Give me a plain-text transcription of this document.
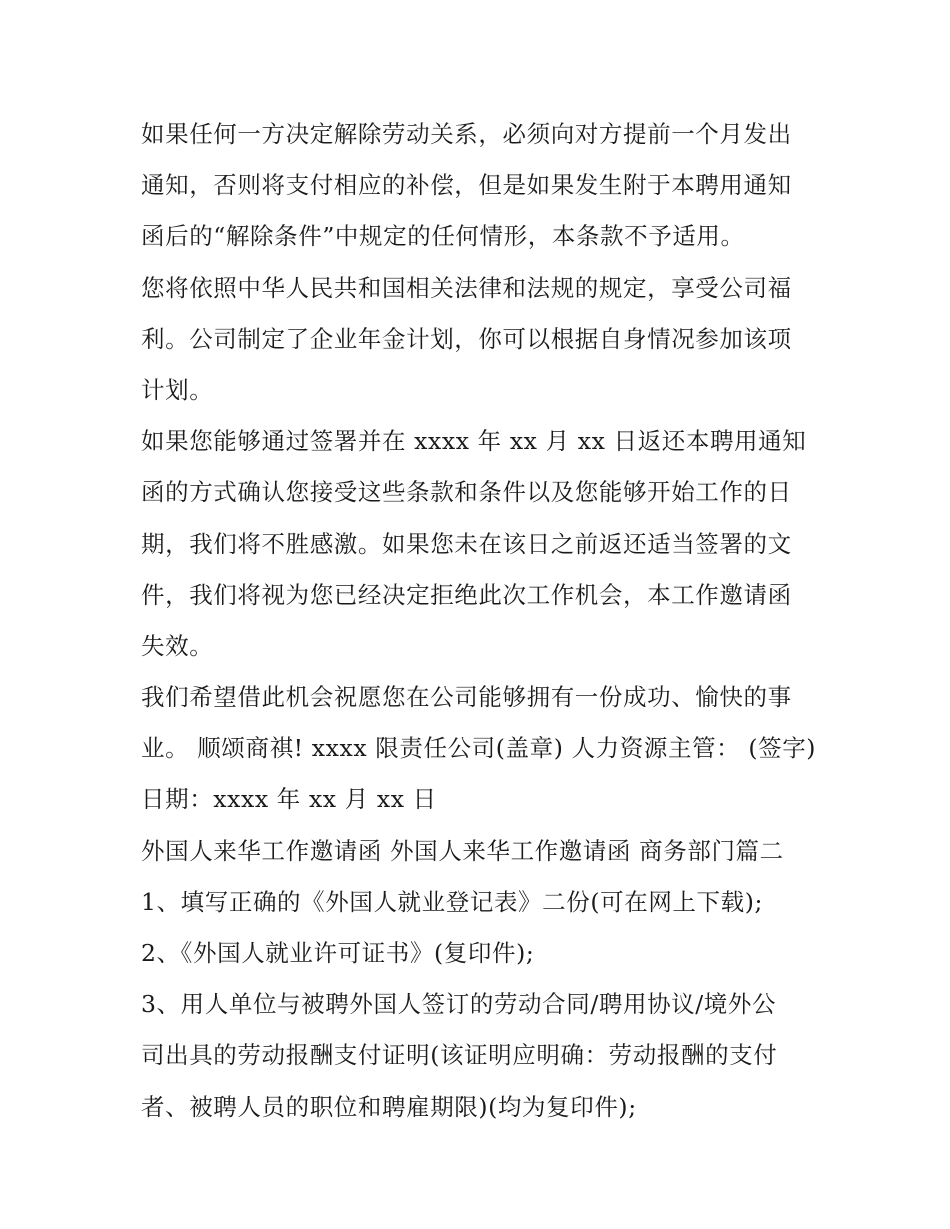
如果任何一方决定解除劳动关系，必须向对方提前一个月发出
通知，否则将支付相应的补偿，但是如果发生附于本聘用通知
函后的“解除条件”中规定的任何情形，本条款不予适用。
您将依照中华人民共和国相关法律和法规的规定，享受公司福
利。公司制定了企业年金计划，你可以根据自身情况参加该项
计划。
如果您能够通过签署并在 xxxx 年 xx 月 xx 日返还本聘用通知
函的方式确认您接受这些条款和条件以及您能够开始工作的日
期，我们将不胜感激。如果您未在该日之前返还适当签署的文
件，我们将视为您已经决定拒绝此次工作机会，本工作邀请函
失效。
我们希望借此机会祝愿您在公司能够拥有一份成功、愉快的事
业。 顺颂商祺! xxxx 限责任公司(盖章) 人力资源主管： (签字)
日期：xxxx 年 xx 月 xx 日
外国人来华工作邀请函 外国人来华工作邀请函 商务部门篇二
1、填写正确的《外国人就业登记表》二份(可在网上下载);
2、《外国人就业许可证书》(复印件);
3、用人单位与被聘外国人签订的劳动合同/聘用协议/境外公
司出具的劳动报酬支付证明(该证明应明确：劳动报酬的支付
者、被聘人员的职位和聘雇期限)(均为复印件);
